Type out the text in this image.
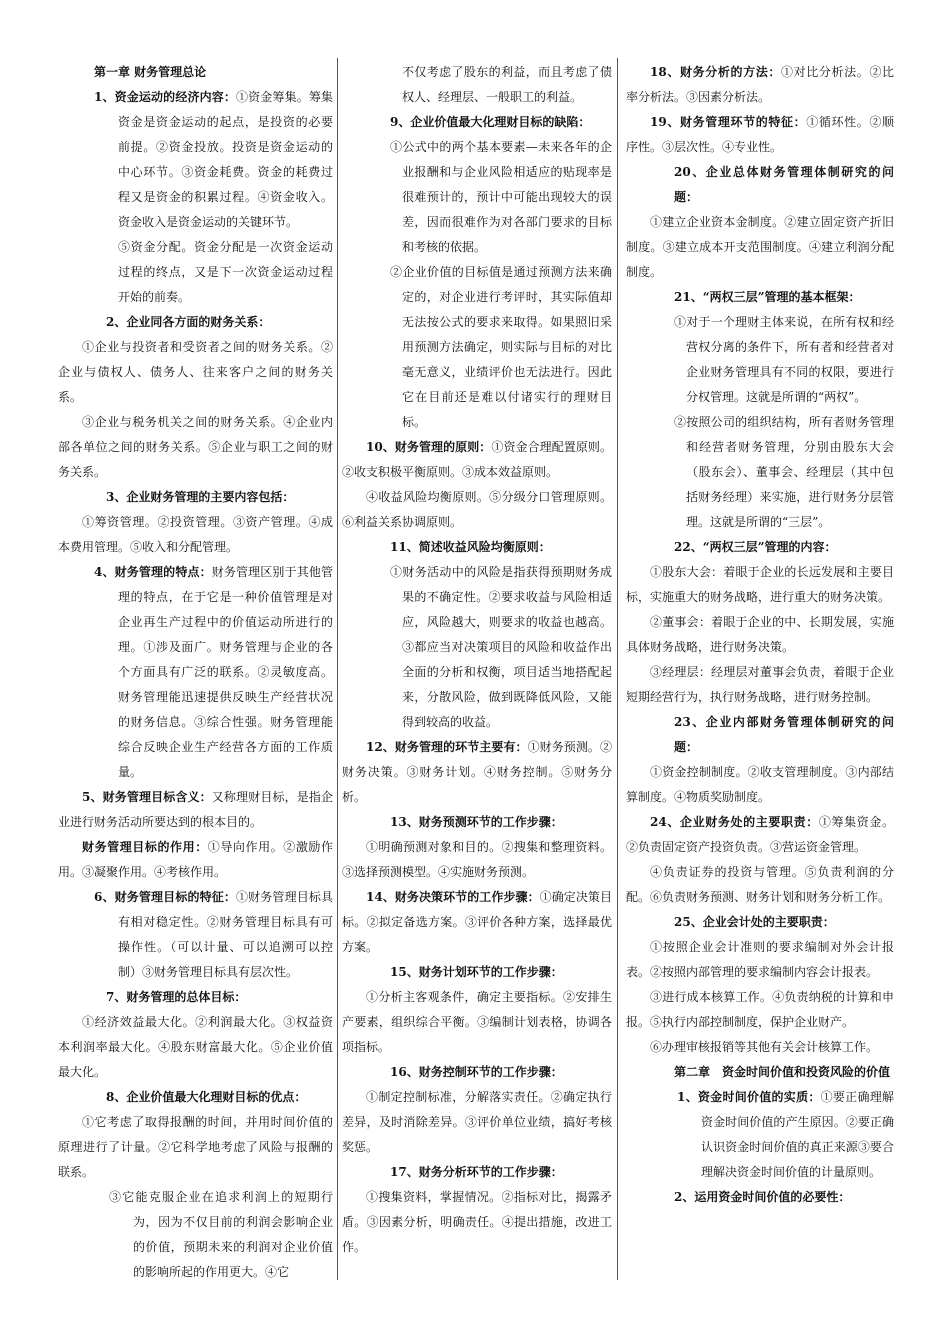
第一章 财务管理总论

1、资金运动的经济内容：①资金筹集。筹集资金是资金运动的起点，是投资的必要前提。②资金投放。投资是资金运动的中心环节。③资金耗费。资金的耗费过程又是资金的积累过程。④资金收入。资金收入是资金运动的关键环节。

⑤资金分配。资金分配是一次资金运动过程的终点，又是下一次资金运动过程开始的前奏。

2、企业同各方面的财务关系：

①企业与投资者和受资者之间的财务关系。②企业与债权人、债务人、往来客户之间的财务关系。

③企业与税务机关之间的财务关系。④企业内部各单位之间的财务关系。⑤企业与职工之间的财务关系。

3、企业财务管理的主要内容包括：

①筹资管理。②投资管理。③资产管理。④成本费用管理。⑤收入和分配管理。

4、财务管理的特点：财务管理区别于其他管理的特点，在于它是一种价值管理是对企业再生产过程中的价值运动所进行的理。①涉及面广。财务管理与企业的各个方面具有广泛的联系。②灵敏度高。财务管理能迅速提供反映生产经营状况的财务信息。③综合性强。财务管理能综合反映企业生产经营各方面的工作质量。

5、财务管理目标含义：又称理财目标，是指企业进行财务活动所要达到的根本目的。

财务管理目标的作用：①导向作用。②激励作用。③凝聚作用。④考核作用。

6、财务管理目标的特征：①财务管理目标具有相对稳定性。②财务管理目标具有可操作性。（可以计量、可以追溯可以控制）③财务管理目标具有层次性。

7、财务管理的总体目标：

①经济效益最大化。②利润最大化。③权益资本利润率最大化。④股东财富最大化。⑤企业价值最大化。

8、企业价值最大化理财目标的优点：

①它考虑了取得报酬的时间，并用时间价值的原理进行了计量。②它科学地考虑了风险与报酬的联系。

③它能克服企业在追求利润上的短期行为，因为不仅目前的利润会影响企业的价值，预期未来的利润对企业价值的影响所起的作用更大。④它

不仅考虑了股东的利益，而且考虑了债权人、经理层、一般职工的利益。

9、企业价值最大化理财目标的缺陷：

①公式中的两个基本要素—未来各年的企业报酬和与企业风险相适应的贴现率是很难预计的，预计中可能出现较大的误差，因而很难作为对各部门要求的目标和考核的依据。

②企业价值的目标值是通过预测方法来确定的，对企业进行考评时，其实际值却无法按公式的要求来取得。如果照旧采用预测方法确定，则实际与目标的对比毫无意义，业绩评价也无法进行。因此它在目前还是难以付诸实行的理财目标。

10、财务管理的原则：①资金合理配置原则。②收支积极平衡原则。③成本效益原则。

④收益风险均衡原则。⑤分级分口管理原则。⑥利益关系协调原则。

11、简述收益风险均衡原则：

①财务活动中的风险是指获得预期财务成果的不确定性。②要求收益与风险相适应，风险越大，则要求的收益也越高。③都应当对决策项目的风险和收益作出全面的分析和权衡，项目适当地搭配起来，分散风险，做到既降低风险，又能得到较高的收益。

12、财务管理的环节主要有：①财务预测。②财务决策。③财务计划。④财务控制。⑤财务分析。

13、财务预测环节的工作步骤：

①明确预测对象和目的。②搜集和整理资料。③选择预测模型。④实施财务预测。

14、财务决策环节的工作步骤：①确定决策目标。②拟定备选方案。③评价各种方案，选择最优方案。

15、财务计划环节的工作步骤：

①分析主客观条件，确定主要指标。②安排生产要素，组织综合平衡。③编制计划表格，协调各项指标。

16、财务控制环节的工作步骤：

①制定控制标准，分解落实责任。②确定执行差异，及时消除差异。③评价单位业绩，搞好考核奖惩。

17、财务分析环节的工作步骤：

①搜集资料，掌握情况。②指标对比，揭露矛盾。③因素分析，明确责任。④提出措施，改进工作。

18、财务分析的方法：①对比分析法。②比率分析法。③因素分析法。

19、财务管理环节的特征：①循环性。②顺序性。③层次性。④专业性。

20、企业总体财务管理体制研究的问题：

①建立企业资本金制度。②建立固定资产折旧制度。③建立成本开支范围制度。④建立利润分配制度。

21、“两权三层”管理的基本框架：

①对于一个理财主体来说，在所有权和经营权分离的条件下，所有者和经营者对企业财务管理具有不同的权限，要进行分权管理。这就是所谓的“两权”。

②按照公司的组织结构，所有者财务管理和经营者财务管理，分别由股东大会（股东会）、董事会、经理层（其中包括财务经理）来实施，进行财务分层管理。这就是所谓的“三层”。

22、“两权三层”管理的内容：

①股东大会：着眼于企业的长远发展和主要目标，实施重大的财务战略，进行重大的财务决策。

②董事会：着眼于企业的中、长期发展，实施具体财务战略，进行财务决策。

③经理层：经理层对董事会负责，着眼于企业短期经营行为，执行财务战略，进行财务控制。

23、企业内部财务管理体制研究的问题：

①资金控制制度。②收支管理制度。③内部结算制度。④物质奖励制度。

24、企业财务处的主要职责：①筹集资金。②负责固定资产投资负责。③营运资金管理。

④负责证券的投资与管理。⑤负责利润的分配。⑥负责财务预测、财务计划和财务分析工作。

25、企业会计处的主要职责：

①按照企业会计准则的要求编制对外会计报表。②按照内部管理的要求编制内容会计报表。

③进行成本核算工作。④负责纳税的计算和申报。⑤执行内部控制制度，保护企业财产。

⑥办理审核报销等其他有关会计核算工作。

第二章　资金时间价值和投资风险的价值

1、资金时间价值的实质：①要正确理解资金时间价值的产生原因。②要正确认识资金时间价值的真正来源③要合理解决资金时间价值的计量原则。

2、运用资金时间价值的必要性：
